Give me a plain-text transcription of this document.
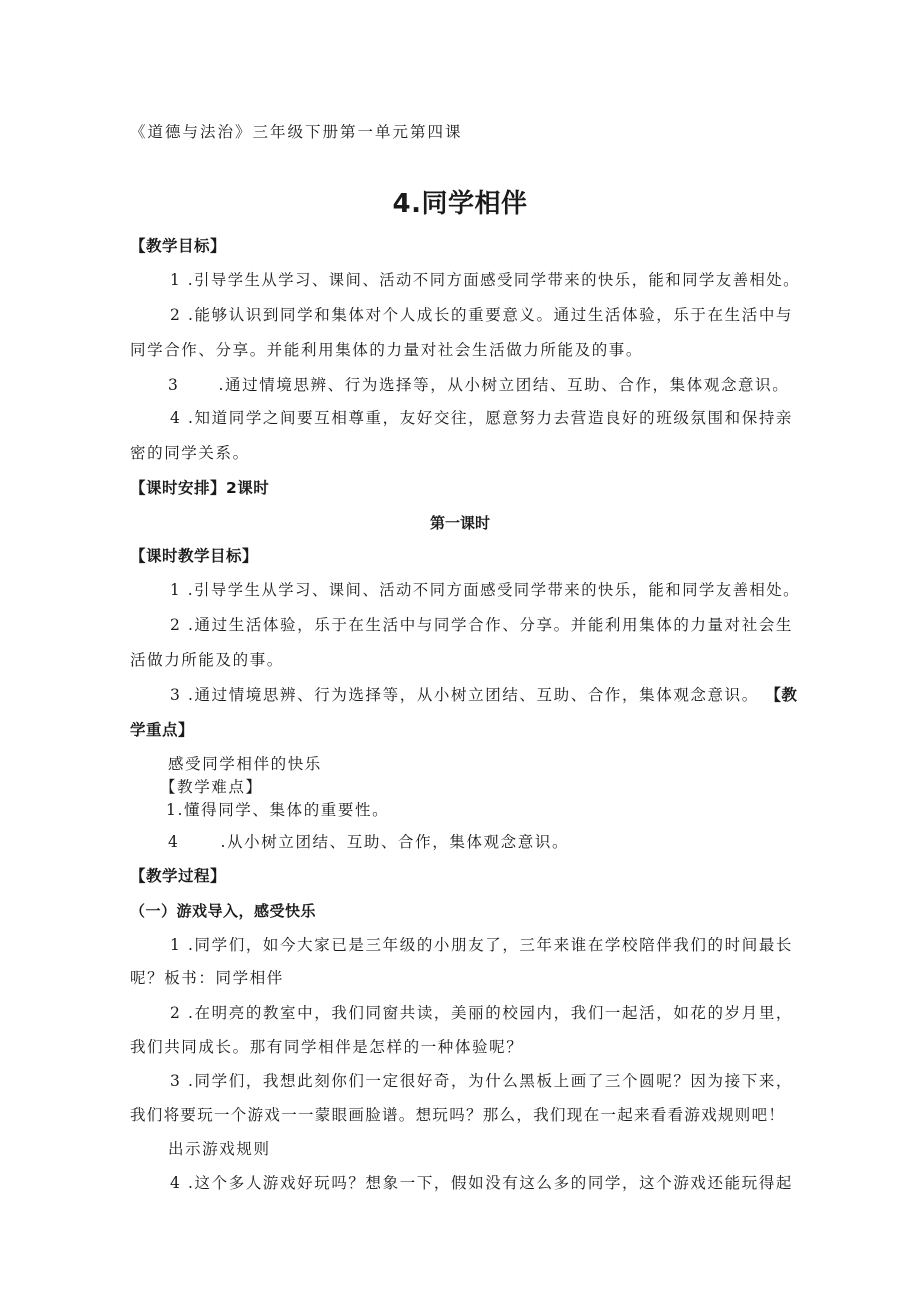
《道德与法治》三年级下册第一单元第四课
4.同学相伴
【教学目标】
1 .引导学生从学习、课间、活动不同方面感受同学带来的快乐，能和同学友善相处。
2 .能够认识到同学和集体对个人成长的重要意义。通过生活体验，乐于在生活中与
同学合作、分享。并能利用集体的力量对社会生活做力所能及的事。
3	.通过情境思辨、行为选择等，从小树立团结、互助、合作，集体观念意识。
4 .知道同学之间要互相尊重，友好交往，愿意努力去营造良好的班级氛围和保持亲
密的同学关系。
【课时安排】2课时
第一课时
【课时教学目标】
1 .引导学生从学习、课间、活动不同方面感受同学带来的快乐，能和同学友善相处。
2 .通过生活体验，乐于在生活中与同学合作、分享。并能利用集体的力量对社会生
活做力所能及的事。
3 .通过情境思辨、行为选择等，从小树立团结、互助、合作，集体观念意识。 【教
学重点】
感受同学相伴的快乐
【教学难点】
1.懂得同学、集体的重要性。
4	.从小树立团结、互助、合作，集体观念意识。
【教学过程】
（一）游戏导入，感受快乐
1 .同学们，如今大家已是三年级的小朋友了，三年来谁在学校陪伴我们的时间最长
呢？板书：同学相伴
2 .在明亮的教室中，我们同窗共读，美丽的校园内，我们一起活，如花的岁月里，
我们共同成长。那有同学相伴是怎样的一种体验呢？
3 .同学们，我想此刻你们一定很好奇，为什么黑板上画了三个圆呢？因为接下来，
我们将要玩一个游戏一一蒙眼画脸谱。想玩吗？那么，我们现在一起来看看游戏规则吧！
出示游戏规则
4 .这个多人游戏好玩吗？想象一下，假如没有这么多的同学，这个游戏还能玩得起
